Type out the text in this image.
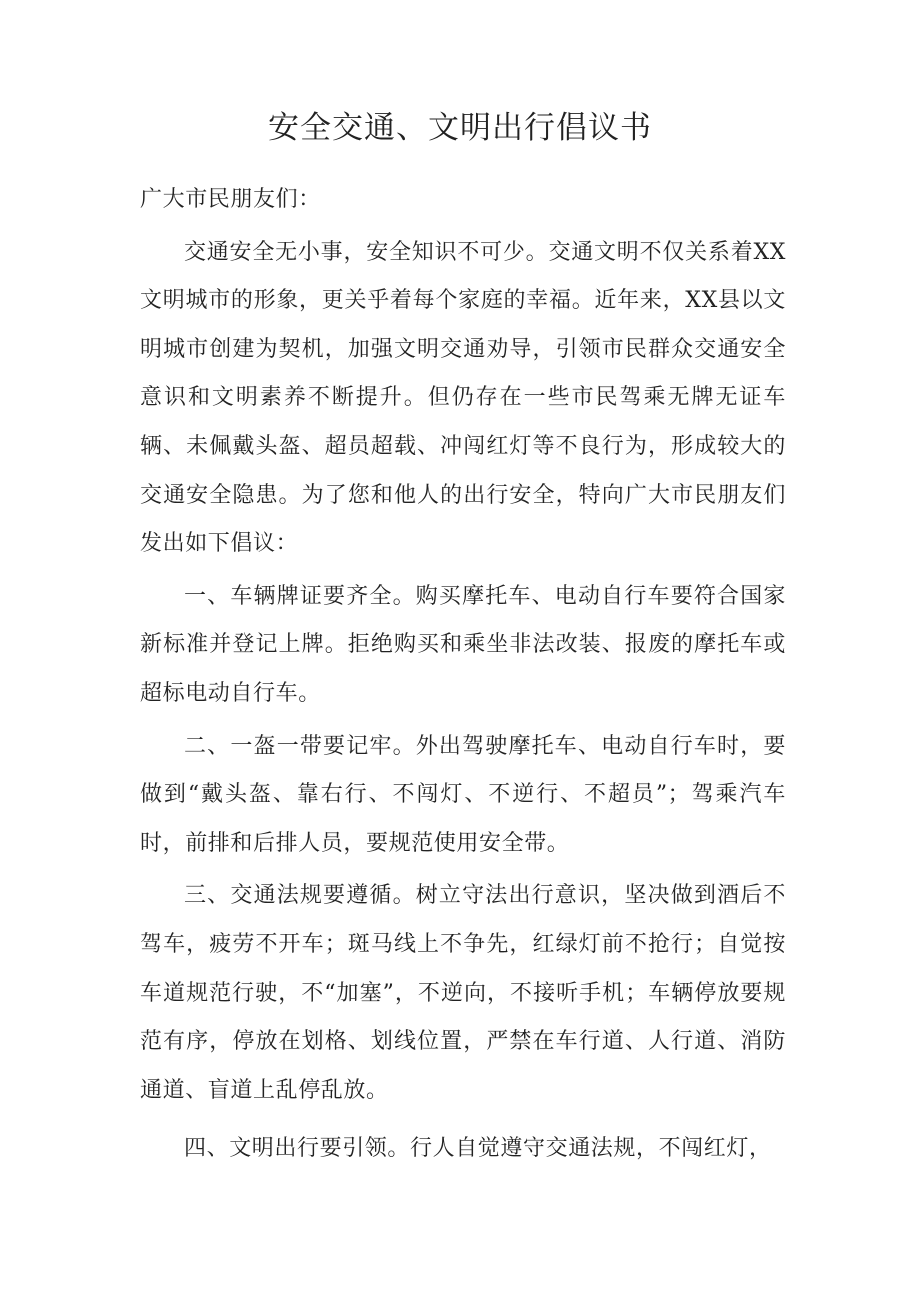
安全交通、文明出行倡议书

广大市民朋友们：

交通安全无小事，安全知识不可少。交通文明不仅关系着XX文明城市的形象，更关乎着每个家庭的幸福。近年来，XX县以文明城市创建为契机，加强文明交通劝导，引领市民群众交通安全意识和文明素养不断提升。但仍存在一些市民驾乘无牌无证车辆、未佩戴头盔、超员超载、冲闯红灯等不良行为，形成较大的交通安全隐患。为了您和他人的出行安全，特向广大市民朋友们发出如下倡议：

一、车辆牌证要齐全。购买摩托车、电动自行车要符合国家新标准并登记上牌。拒绝购买和乘坐非法改装、报废的摩托车或超标电动自行车。

二、一盔一带要记牢。外出驾驶摩托车、电动自行车时，要做到“戴头盔、靠右行、不闯灯、不逆行、不超员”；驾乘汽车时，前排和后排人员，要规范使用安全带。

三、交通法规要遵循。树立守法出行意识，坚决做到酒后不驾车，疲劳不开车；斑马线上不争先，红绿灯前不抢行；自觉按车道规范行驶，不“加塞”，不逆向，不接听手机；车辆停放要规范有序，停放在划格、划线位置，严禁在车行道、人行道、消防通道、盲道上乱停乱放。

四、文明出行要引领。行人自觉遵守交通法规，不闯红灯，
